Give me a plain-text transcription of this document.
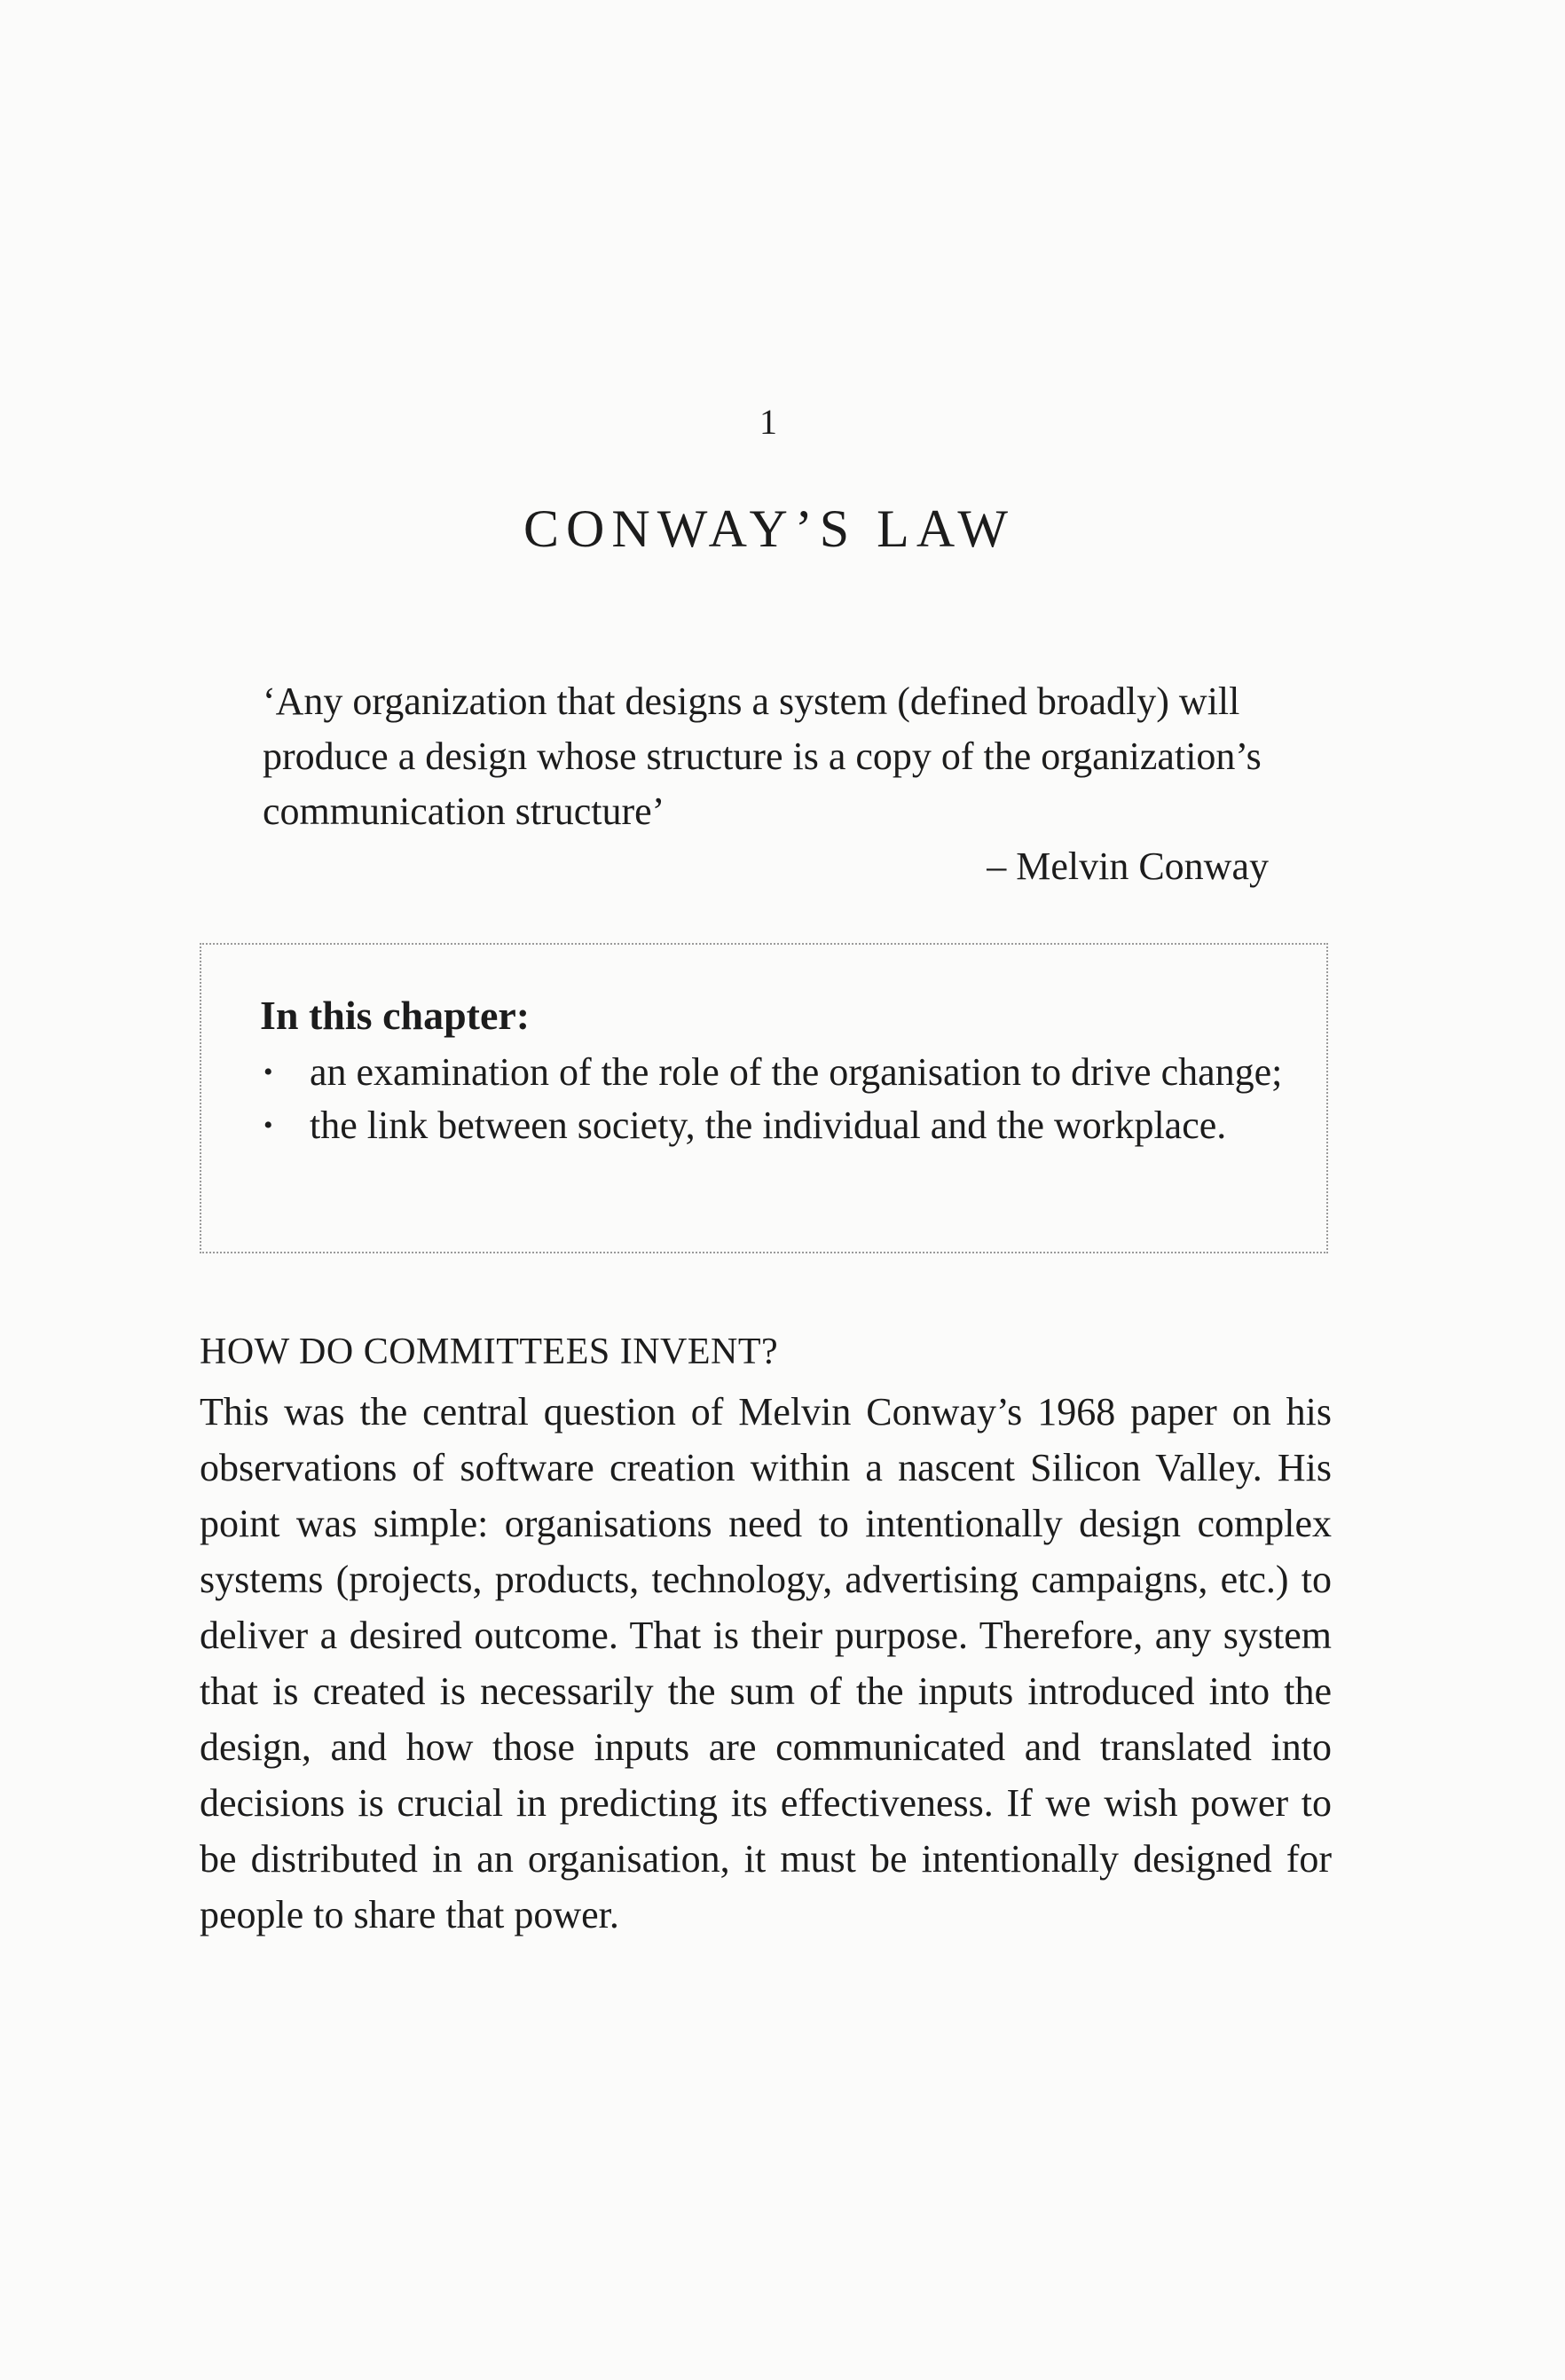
1
CONWAY’S LAW

‘Any organization that designs a system (defined broadly) will produce a design whose structure is a copy of the organization’s communication structure’

– Melvin Conway

In this chapter:

• an examination of the role of the organisation to drive change;
• the link between society, the individual and the workplace.
HOW DO COMMITTEES INVENT?

This was the central question of Melvin Conway’s 1968 paper on his observations of software creation within a nascent Silicon Valley. His point was simple: organisations need to intentionally design complex systems (projects, products, technology, advertising campaigns, etc.) to deliver a desired outcome. That is their purpose. Therefore, any system that is created is necessarily the sum of the inputs introduced into the design, and how those inputs are communicated and translated into decisions is crucial in predicting its effectiveness. If we wish power to be distributed in an organisation, it must be intentionally designed for people to share that power.
